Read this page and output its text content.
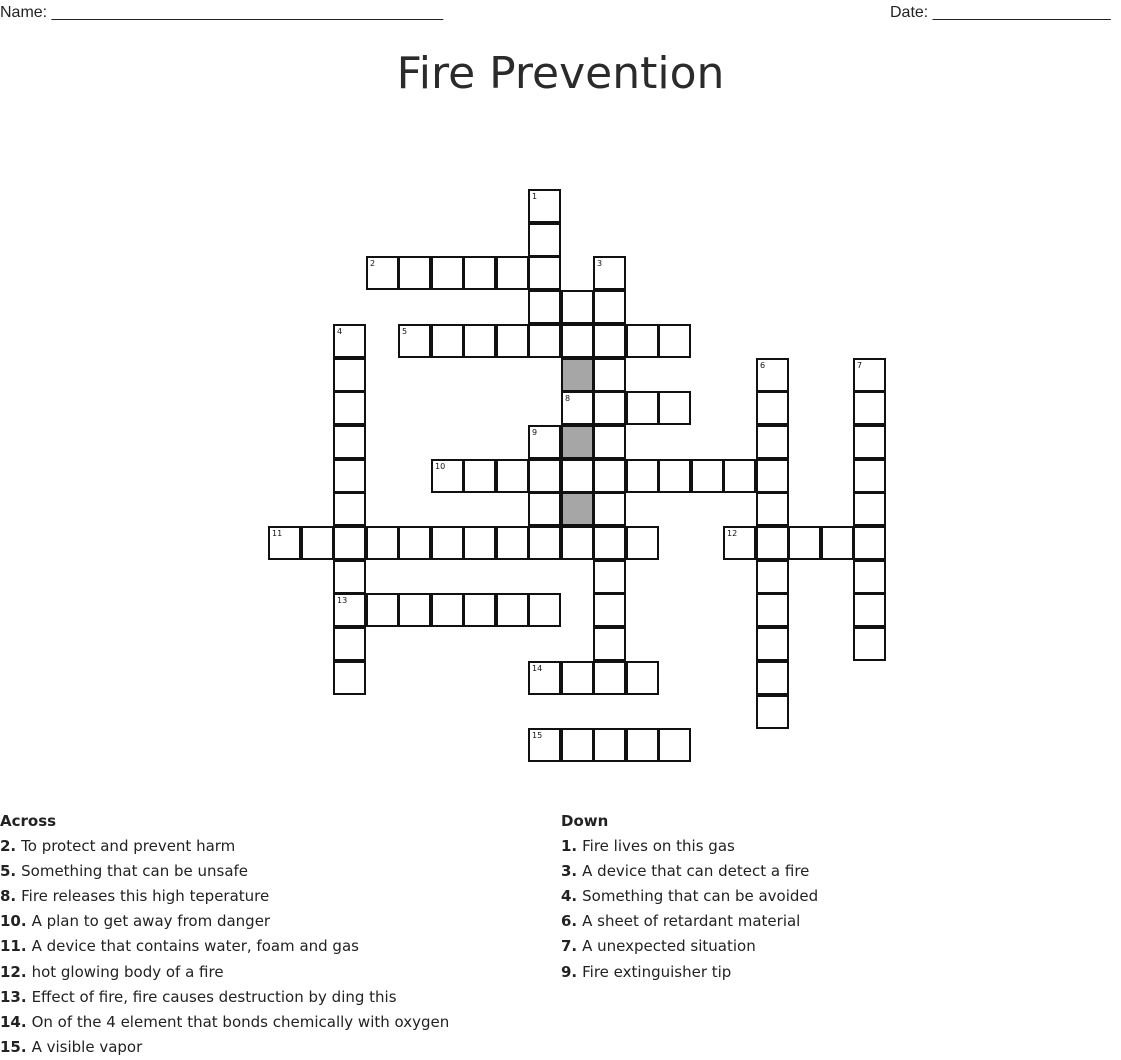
Name: ____________________________________________	Date: ____________________
Fire Prevention
1
2	3
4
13
5
6	7
8
9
10
11	12
14
15
Across
2. To protect and prevent harm
5. Something that can be unsafe
8. Fire releases this high teperature
10. A plan to get away from danger
11. A device that contains water, foam and gas
12. hot glowing body of a fire
13. Effect of fire, fire causes destruction by ding this
14. On of the 4 element that bonds chemically with oxygen
15. A visible vapor
Down
1. Fire lives on this gas
3. A device that can detect a fire
4. Something that can be avoided
6. A sheet of retardant material
7. A unexpected situation
9. Fire extinguisher tip
